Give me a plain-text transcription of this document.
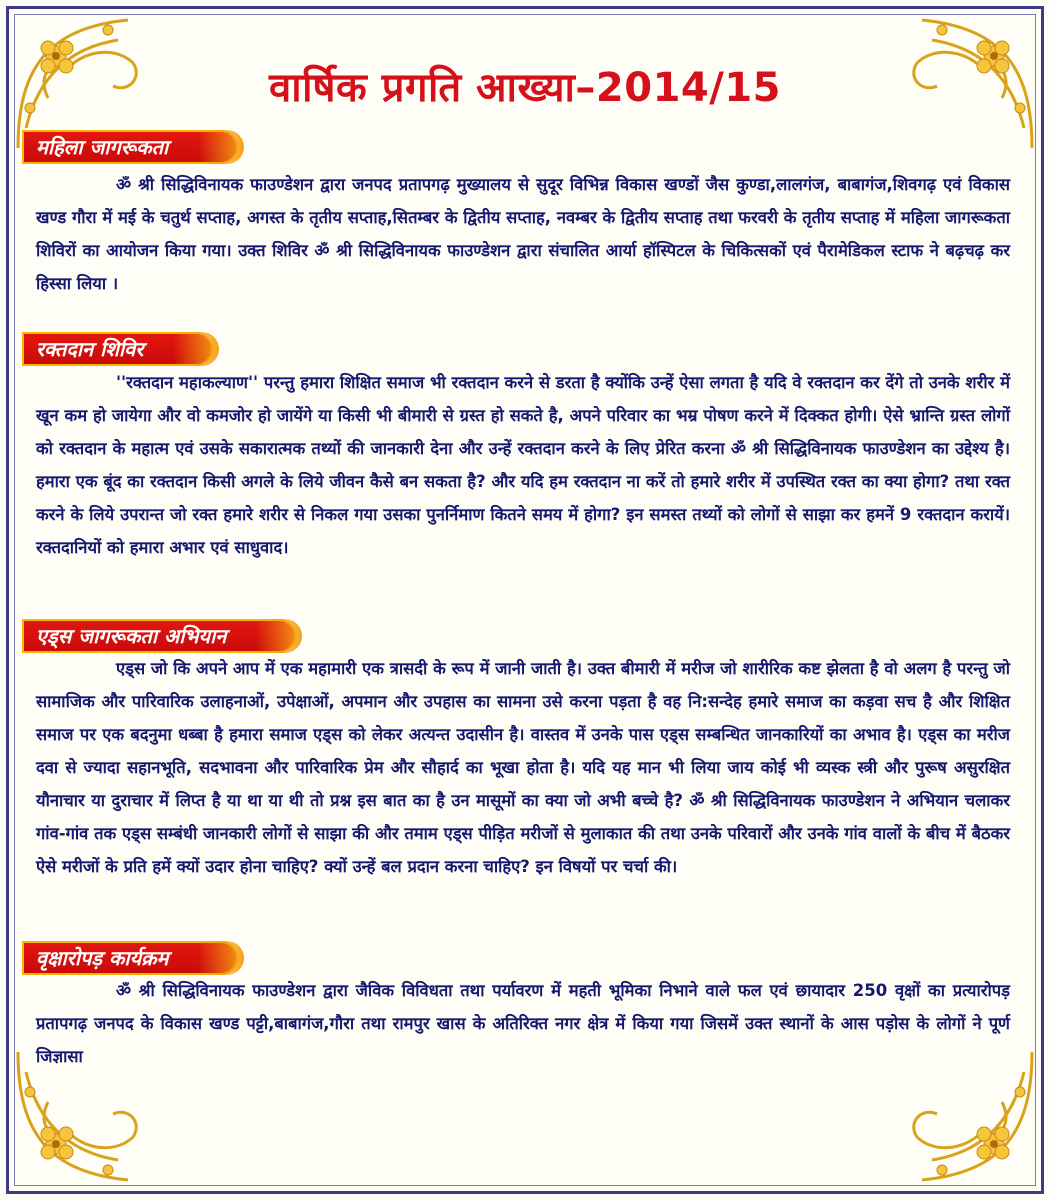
वार्षिक प्रगति आख्या–2014/15
महिला जागरूकता
ॐ श्री सिद्धिविनायक फाउण्डेशन द्वारा जनपद प्रतापगढ़ मुख्यालय से सुदूर विभिन्न विकास खण्डों जैस कुण्डा,लालगंज, बाबागंज,शिवगढ़ एवं विकास खण्ड गौरा में मई के चतुर्थ सप्ताह, अगस्त के तृतीय सप्ताह,सितम्बर के द्वितीय सप्ताह, नवम्बर के द्वितीय सप्ताह तथा फरवरी के तृतीय सप्ताह में महिला जागरूकता शिविरों का आयोजन किया गया। उक्त शिविर ॐ श्री सिद्धिविनायक फाउण्डेशन द्वारा संचालित आर्या हॉस्पिटल के चिकित्सकों एवं पैरामेडिकल स्टाफ ने बढ़चढ़ कर हिस्सा लिया ।
रक्तदान शिविर
''रक्तदान महाकल्याण'' परन्तु हमारा शिक्षित समाज भी रक्तदान करने से डरता है क्योंकि उन्हें ऐसा लगता है यदि वे रक्तदान कर देंगे तो उनके शरीर में खून कम हो जायेगा और वो कमजोर हो जायेंगे या किसी भी बीमारी से ग्रस्त हो सकते है, अपने परिवार का भम्र पोषण करने में दिक्कत होगी। ऐसे भ्रान्ति ग्रस्त लोगों को रक्तदान के महात्म एवं उसके सकारात्मक तथ्यों की जानकारी देना और उन्हें रक्तदान करने के लिए प्रेरित करना ॐ श्री सिद्धिविनायक फाउण्डेशन का उद्देश्य है। हमारा एक बूंद का रक्तदान किसी अगले के लिये जीवन कैसे बन सकता है? और यदि हम रक्तदान ना करें तो हमारे शरीर में उपस्थित रक्त का क्या होगा? तथा रक्त करने के लिये उपरान्त जो रक्त हमारे शरीर से निकल गया उसका पुनर्निमाण कितने समय में होगा? इन समस्त तथ्यों को लोगों से साझा कर हमनें 9 रक्तदान करायें।रक्तदानियों को हमारा अभार एवं साधुवाद।
एड्स जागरूकता अभियान
एड्स जो कि अपने आप में एक महामारी एक त्रासदी के रूप में जानी जाती है। उक्त बीमारी में मरीज जो शारीरिक कष्ट झेलता है वो अलग है परन्तु जो सामाजिक और पारिवारिक उलाहनाओं, उपेक्षाओं, अपमान और उपहास का सामना उसे करना पड़ता है वह नि:सन्देह हमारे समाज का कड़वा सच है और शिक्षित समाज पर एक बदनुमा धब्बा है हमारा समाज एड्स को लेकर अत्यन्त उदासीन है। वास्तव में उनके पास एड्स सम्बन्धित जानकारियों का अभाव है। एड्स का मरीज दवा से ज्यादा सहानभूति, सदभावना और पारिवारिक प्रेम और सौहार्द का भूखा होता है। यदि यह मान भी लिया जाय कोई भी व्यस्क स्त्री और पुरूष असुरक्षित यौनाचार या दुराचार में लिप्त है या था या थी तो प्रश्न इस बात का है उन मासूमों का क्या जो अभी बच्चे है? ॐ श्री सिद्धिविनायक फाउण्डेशन ने अभियान चलाकर गांव-गांव तक एड्स सम्बंधी जानकारी लोगों से साझा की और तमाम एड्स पीड़ित मरीजों से मुलाकात की तथा उनके परिवारों और उनके गांव वालों के बीच में बैठकर ऐसे मरीजों के प्रति हमें क्यों उदार होना चाहिए? क्यों उन्हें बल प्रदान करना चाहिए? इन विषयों पर चर्चा की।
वृक्षारोपड़ कार्यक्रम
ॐ श्री सिद्धिविनायक फाउण्डेशन द्वारा जैविक विविधता तथा पर्यावरण में महती भूमिका निभाने वाले फल एवं छायादार 250 वृक्षों का प्रत्यारोपड़ प्रतापगढ़ जनपद के विकास खण्ड पट्टी,बाबागंज,गौरा तथा रामपुर खास के अतिरिक्त नगर क्षेत्र में किया गया जिसमें उक्त स्थानों के आस पड़ोस के लोगों ने पूर्ण जिज्ञासा
